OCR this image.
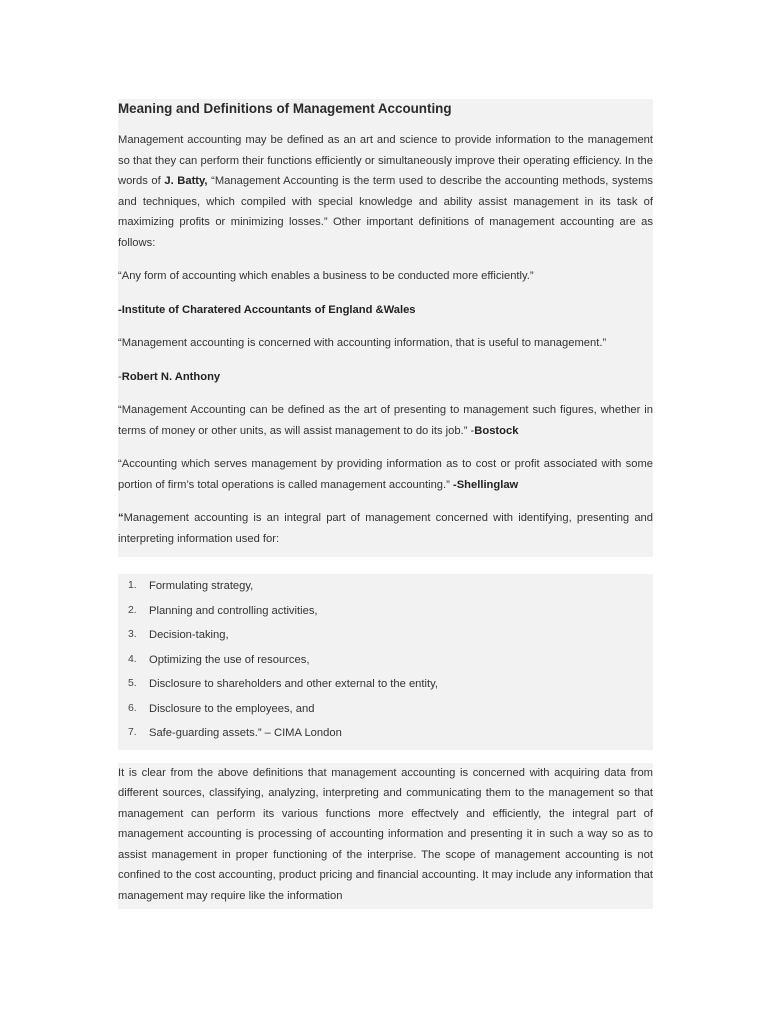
Meaning and Definitions of Management Accounting

Management accounting may be defined as an art and science to provide information to the management so that they can perform their functions efficiently or simultaneously improve their operating efficiency. In the words of J. Batty, “Management Accounting is the term used to describe the accounting methods, systems and techniques, which compiled with special knowledge and ability assist management in its task of maximizing profits or minimizing losses.” Other important definitions of management accounting are as follows:

“Any form of accounting which enables a business to be conducted more efficiently.”

-Institute of Charatered Accountants of England &Wales

“Management accounting is concerned with accounting information, that is useful to management.”

-Robert N. Anthony

“Management Accounting can be defined as the art of presenting to management such figures, whether in terms of money or other units, as will assist management to do its job.” -Bostock

“Accounting which serves management by providing informatіon as to cost or profit associated with some portion of firm’s total operations is called management accounting.” -Shellinglaw

“Management accounting is an integral part of management concerned with identifying, presenting and interpreting information used for:

1.	Formulating strategy,
2.	Planning and controlling activities,
3.	Decision-taking,
4.	Optimizing the use of resources,
5.	Disclosure to shareholders and other external to the entity,
6.	Disclosure to the employees, and
7.	Safe-guarding assets.” – CIMA London

It is clear from the above definitions that management accounting is concerned with acquiring data from different sources, classifying, analyzing, interpreting and communicating them to the management so that management can perform its various functions more effectvely and efficiently, the integral part of management accounting is processing of accounting information and presenting it in such a way so as to assist management in proper functioning of the interprise. The scope of management accounting is not confined to the cost accounting, product pricing and financial accounting. It may include any information that management may require like the information
